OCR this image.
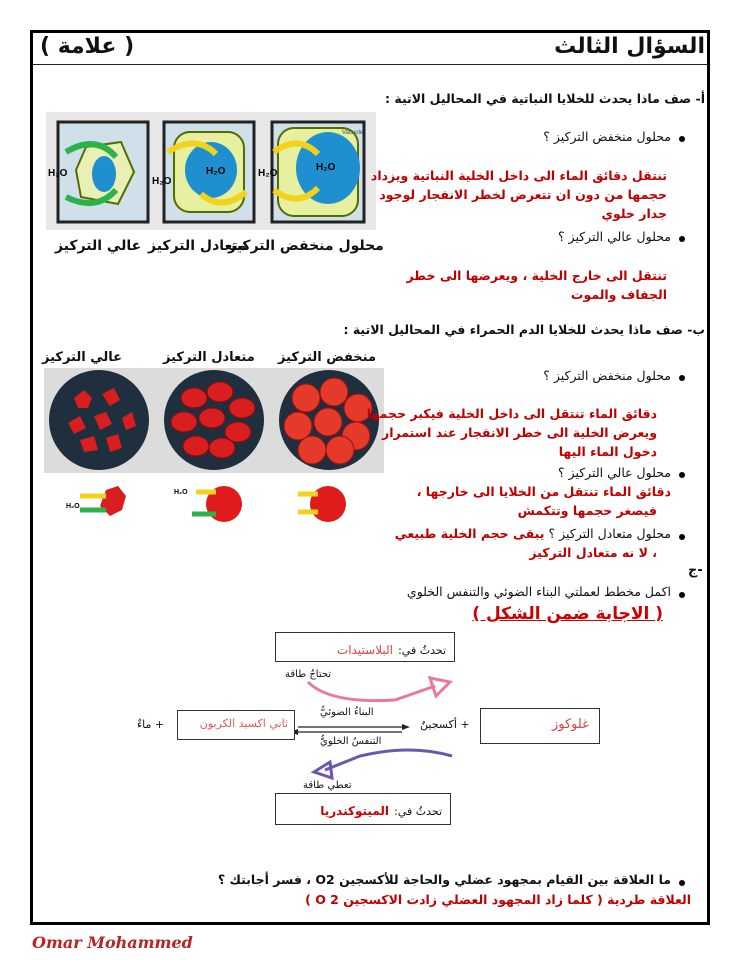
السؤال الثالث
( علامة )
أ- صف ماذا يحدث للخلايا النباتية في المحاليل الاتية :
H₂O
H₂O
H₂O	H₂O
H₂O
Vacuole
محلول منخفض التركيز
متعادل التركيز
عالي التركيز
محلول منخفض التركيز ؟
تنتقل دقائق الماء الى داخل الخلية النباتية ويزداد
حجمها من دون ان تتعرض لخطر الانفجار لوجود
جدار خلوي
محلول عالي التركيز ؟
تنتقل الى خارج الخلية ، ويعرضها الى خطر
الجفاف والموت
ب- صف ماذا يحدث للخلايا الدم الحمراء في المحاليل الاتية :
منخفض التركيز
متعادل التركيز
عالي التركيز
H₂O
H₂O
محلول منخفض التركيز ؟
دقائق الماء تنتقل الى داخل الخلية فيكبر حجمها
ويعرض الخلية الى خطر الانفجار عند استمرار
دخول الماء اليها
محلول عالي التركيز ؟
دقائق الماء تنتقل من الخلايا الى خارجها ،
فيصغر حجمها وتتكمش
محلول متعادل التركيز ؟ يبقى حجم الخلية طبيعي
، لا نه متعادل التركيز
ج-
اكمل مخطط لعملتي البناء الضوئي والتنفس الخلوي
( الاجابة ضمن الشكل )
تحدثُ في: البلاستيدات
تحتاجُ طاقة
البناءُ الضوئيُّ
التنفسُ الخلويُّ
+ ماءٌ	ثاني اكسيد الكربون	+ أكسجينٌ	غلوكوز
تعطي طاقة
تحدثُ في: الميتوكندريا
ما العلاقة بين القيام بمجهود عضلي والحاجة للأكسجين O2 ، فسر أجابتك ؟
العلاقة طردية ( كلما زاد المجهود العضلي زادت الاكسجين O 2 )
Omar Mohammed
